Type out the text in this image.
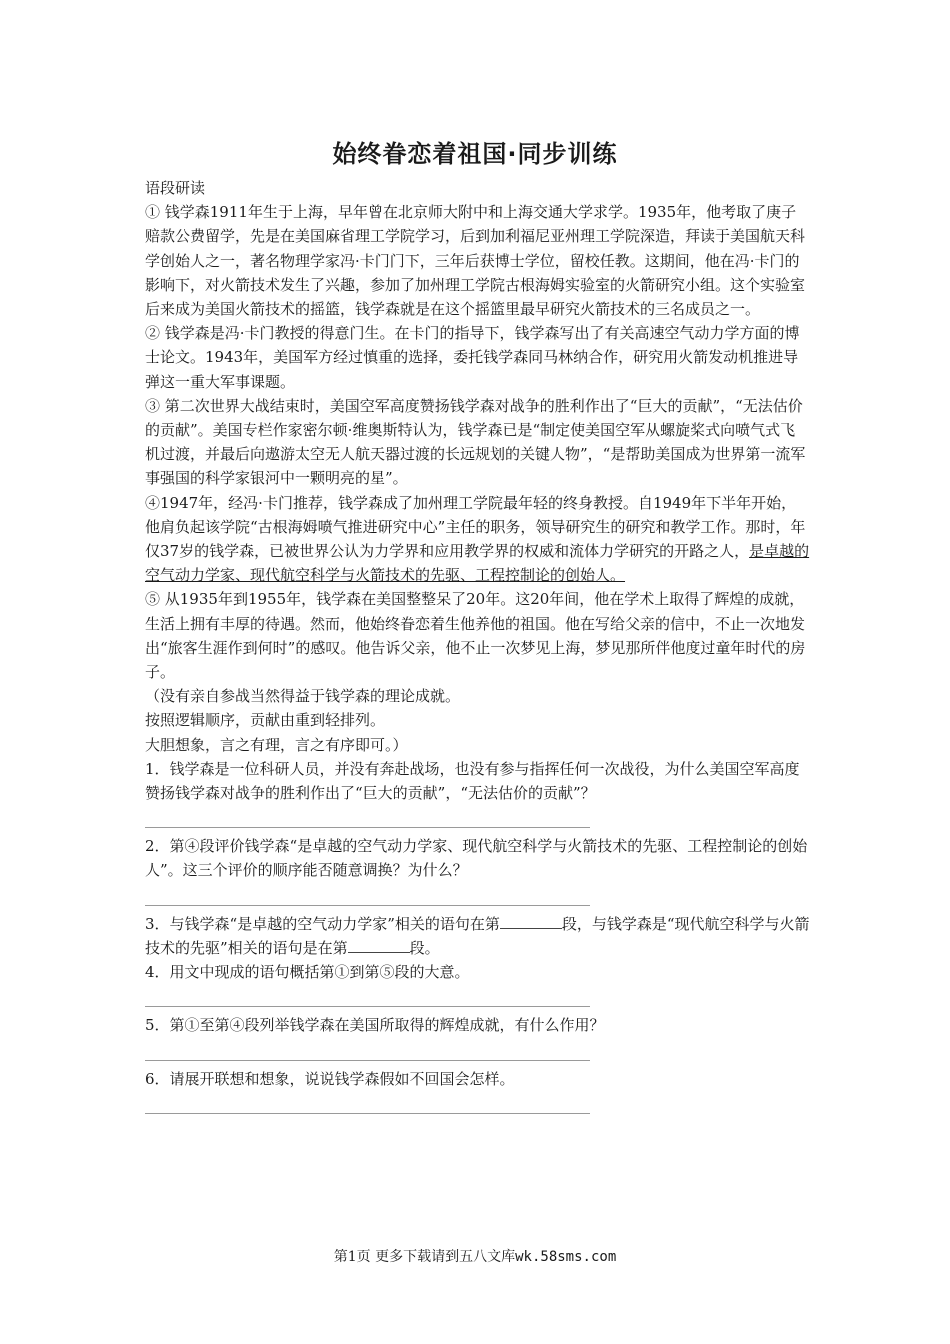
始终眷恋着祖国·同步训练

语段研读

① 钱学森1911年生于上海，早年曾在北京师大附中和上海交通大学求学。1935年，他考取了庚子赔款公费留学，先是在美国麻省理工学院学习，后到加利福尼亚州理工学院深造，拜读于美国航天科学创始人之一，著名物理学家冯·卡门门下，三年后获博士学位，留校任教。这期间，他在冯·卡门的影响下，对火箭技术发生了兴趣，参加了加州理工学院古根海姆实验室的火箭研究小组。这个实验室后来成为美国火箭技术的摇篮，钱学森就是在这个摇篮里最早研究火箭技术的三名成员之一。

② 钱学森是冯·卡门教授的得意门生。在卡门的指导下，钱学森写出了有关高速空气动力学方面的博士论文。1943年，美国军方经过慎重的选择，委托钱学森同马林纳合作，研究用火箭发动机推进导弹这一重大军事课题。

③ 第二次世界大战结束时，美国空军高度赞扬钱学森对战争的胜利作出了“巨大的贡献”，“无法估价的贡献”。美国专栏作家密尔顿·维奥斯特认为，钱学森已是“制定使美国空军从螺旋桨式向喷气式飞机过渡，并最后向遨游太空无人航天器过渡的长远规划的关键人物”，“是帮助美国成为世界第一流军事强国的科学家银河中一颗明亮的星”。

④1947年，经冯·卡门推荐，钱学森成了加州理工学院最年轻的终身教授。自1949年下半年开始，他肩负起该学院“古根海姆喷气推进研究中心”主任的职务，领导研究生的研究和教学工作。那时，年仅37岁的钱学森，已被世界公认为力学界和应用教学界的权威和流体力学研究的开路之人，是卓越的空气动力学家、现代航空科学与火箭技术的先驱、工程控制论的创始人。

⑤ 从1935年到1955年，钱学森在美国整整呆了20年。这20年间，他在学术上取得了辉煌的成就，生活上拥有丰厚的待遇。然而，他始终眷恋着生他养他的祖国。他在写给父亲的信中，不止一次地发出“旅客生涯作到何时”的感叹。他告诉父亲，他不止一次梦见上海，梦见那所伴他度过童年时代的房子。

（没有亲自参战当然得益于钱学森的理论成就。

按照逻辑顺序，贡献由重到轻排列。

大胆想象，言之有理，言之有序即可。）

1．钱学森是一位科研人员，并没有奔赴战场，也没有参与指挥任何一次战役，为什么美国空军高度赞扬钱学森对战争的胜利作出了“巨大的贡献”，“无法估价的贡献”？

2．第④段评价钱学森“是卓越的空气动力学家、现代航空科学与火箭技术的先驱、工程控制论的创始人”。这三个评价的顺序能否随意调换？为什么？

3．与钱学森“是卓越的空气动力学家”相关的语句在第	段，与钱学森是“现代航空科学与火箭技术的先驱”相关的语句是在第	段。

4．用文中现成的语句概括第①到第⑤段的大意。

5．第①至第④段列举钱学森在美国所取得的辉煌成就，有什么作用？

6．请展开联想和想象，说说钱学森假如不回国会怎样。

第1页 更多下载请到五八文库wk.58sms.com
